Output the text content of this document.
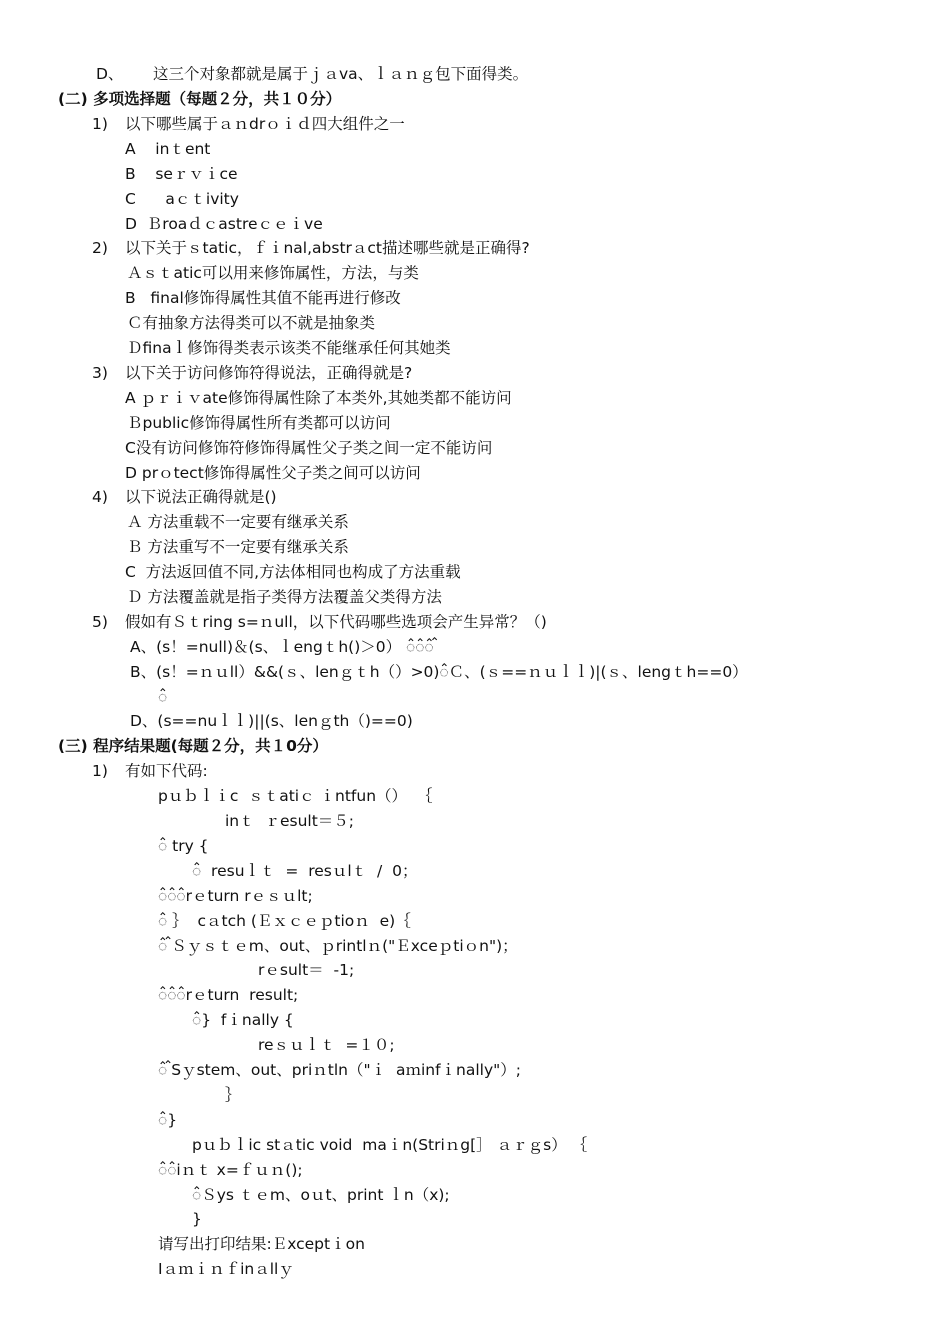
D、 这三个对象都就是属于ｊａva、ｌａｎｇ包下面得类。
(二) 多项选择题（每题２分，共１０分）
1) 以下哪些属于ａｎdrｏｉｄ四大组件之一
A    inｔent
B    seｒｖｉce
C      aｃｔivity
D  Ｂroaｄｃastreｃｅｉve
2) 以下关于ｓtatic，ｆｉnal,abstrａct描述哪些就是正确得?
Ａｓｔatic可以用来修饰属性，方法，与类
B   final修饰得属性其值不能再进行修改
Ｃ有抽象方法得类可以不就是抽象类
Ｄfinaｌ修饰得类表示该类不能继承任何其她类
3) 以下关于访问修饰符得说法，正确得就是?
A ｐｒｉｖate修饰得属性除了本类外,其她类都不能访问
Ｂpublic修饰得属性所有类都可以访问
C没有访问修饰符修饰得属性父子类之间一定不能访问
D prｏtect修饰得属性父子类之间可以访问
4) 以下说法正确得就是()
Ａ 方法重载不一定要有继承关系
Ｂ 方法重写不一定要有继承关系
C  方法返回值不同,方法体相同也构成了方法重载
Ｄ 方法覆盖就是指子类得方法覆盖父类得方法
5) 假如有Ｓｔring s=ｎull，以下代码哪些选项会产生异常？（)
A、(s！=null)＆(s、ｌengｔh()＞0） ꠆꠆꠆ ꠆
B、(s！=ｎｕll）&&(ｓ、lenｇｔh（）>0)꠆Ｃ、(ｓ==ｎｕｌｌ)|(ｓ、lengｔh==0）
꠆
D、(s==nuｌｌ)||(s、lenｇth（)==0)
(三) 程序结果题(每题２分，共１0分）
1) 有如下代码:
pｕｂｌｉc  ｓｔatiｃ ｉntfun（）  ｛
inｔ  ｒesult＝５;
꠆ try {
꠆  resuｌｔ  =  resｕlｔ  /  0；
꠆꠆꠆rｅturn rｅｓｕlt;
꠆ ｝  cａtch (Ｅｘｃｅｐtioｎ  e)｛
꠆ ꠆Ｓｙｓｔｅm、out、ｐrintlｎ("Ｅxceｐtiｏn")；
rｅsult＝  -1;
꠆꠆꠆rｅturn  result;
꠆}  fｉnally {
reｓｕｌｔ  =１０;
꠆ ꠆Sｙstem、out、priｎtln（"ｉ  aｍinfｉnally"）;
｝
꠆}
pｕｂｌic stａtic void  maｉn(Striｎg[］ ａｒｇs） ｛
꠆꠆iｎｔ x=ｆｕｎ();
꠆Ｓys ｔｅm、oｕt、print ｌn（x);
}
请写出打印结果:Ｅxceptｉon
Iａｍｉｎｆinａllｙ
